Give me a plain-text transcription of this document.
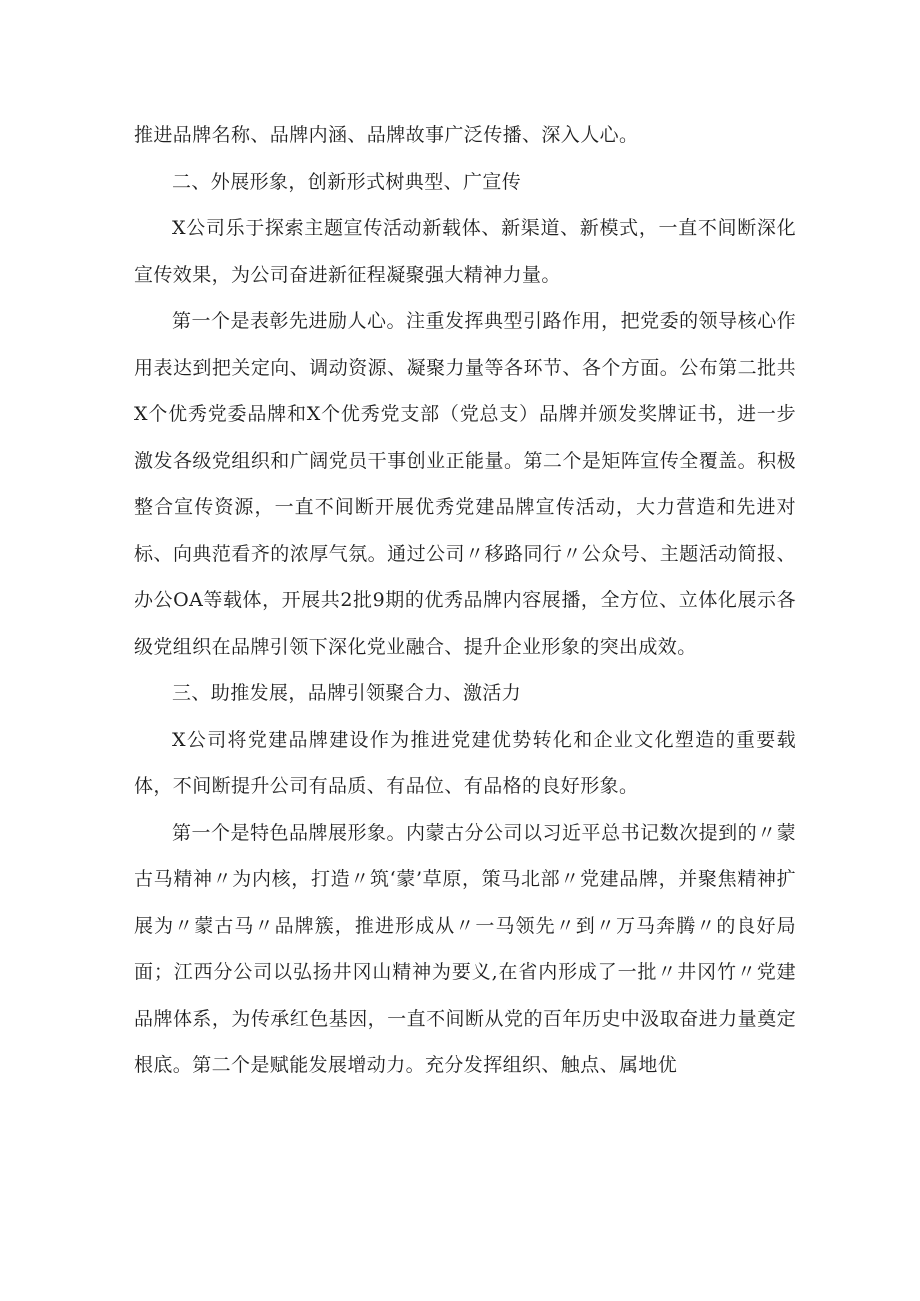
推进品牌名称、品牌内涵、品牌故事广泛传播、深入人心。

二、外展形象，创新形式树典型、广宣传

X公司乐于探索主题宣传活动新载体、新渠道、新模式，一直不间断深化宣传效果，为公司奋进新征程凝聚强大精神力量。

第一个是表彰先进励人心。注重发挥典型引路作用，把党委的领导核心作用表达到把关定向、调动资源、凝聚力量等各环节、各个方面。公布第二批共X个优秀党委品牌和X个优秀党支部（党总支）品牌并颁发奖牌证书，进一步激发各级党组织和广阔党员干事创业正能量。第二个是矩阵宣传全覆盖。积极整合宣传资源，一直不间断开展优秀党建品牌宣传活动，大力营造和先进对标、向典范看齐的浓厚气氛。通过公司〃移路同行〃公众号、主题活动简报、办公OA等载体，开展共2批9期的优秀品牌内容展播，全方位、立体化展示各级党组织在品牌引领下深化党业融合、提升企业形象的突出成效。

三、助推发展，品牌引领聚合力、激活力

X公司将党建品牌建设作为推进党建优势转化和企业文化塑造的重要载体，不间断提升公司有品质、有品位、有品格的良好形象。

第一个是特色品牌展形象。内蒙古分公司以习近平总书记数次提到的〃蒙古马精神〃为内核，打造〃筑‘蒙’草原，策马北部〃党建品牌，并聚焦精神扩展为〃蒙古马〃品牌簇，推进形成从〃一马领先〃到〃万马奔腾〃的良好局面；江西分公司以弘扬井冈山精神为要义,在省内形成了一批〃井冈竹〃党建品牌体系，为传承红色基因，一直不间断从党的百年历史中汲取奋进力量奠定根底。第二个是赋能发展增动力。充分发挥组织、触点、属地优
